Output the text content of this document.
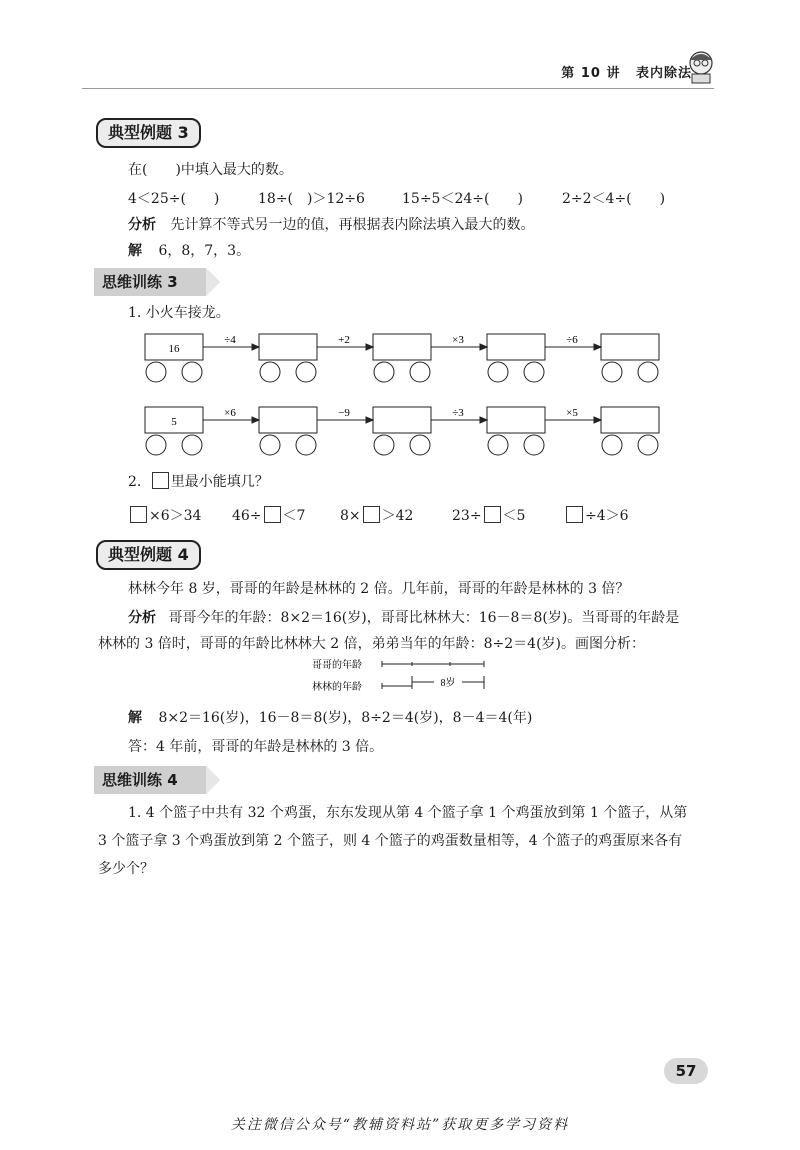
第 10 讲 表内除法
典型例题 3
在(　　)中填入最大的数。
4＜25÷(　　)	18÷(　)＞12÷6	15÷5＜24÷(　　)	2÷2＜4÷(　　)
分析 先计算不等式另一边的值，再根据表内除法填入最大的数。
解 6，8，7，3。
思维训练 3
1. 小火车接龙。
16
÷4	+2	×3	÷6
5
×6	−9	÷3	×5
2. 里最小能填几？
×6＞34 46÷ ＜7 8× ＞42	23÷ ＜5	÷4＞6
典型例题 4
林林今年 8 岁，哥哥的年龄是林林的 2 倍。几年前，哥哥的年龄是林林的 3 倍？
分析 哥哥今年的年龄：8×2＝16(岁)，哥哥比林林大：16－8＝8(岁)。当哥哥的年龄是
林林的 3 倍时，哥哥的年龄比林林大 2 倍，弟弟当年的年龄：8÷2＝4(岁)。画图分析：
哥哥的年龄
林林的年龄	8岁
解 8×2＝16(岁)，16－8＝8(岁)，8÷2＝4(岁)，8－4＝4(年)
答：4 年前，哥哥的年龄是林林的 3 倍。
思维训练 4
1. 4 个篮子中共有 32 个鸡蛋，东东发现从第 4 个篮子拿 1 个鸡蛋放到第 1 个篮子，从第
3 个篮子拿 3 个鸡蛋放到第 2 个篮子，则 4 个篮子的鸡蛋数量相等，4 个篮子的鸡蛋原来各有
多少个？
57
关注微信公众号“教辅资料站”获取更多学习资料
